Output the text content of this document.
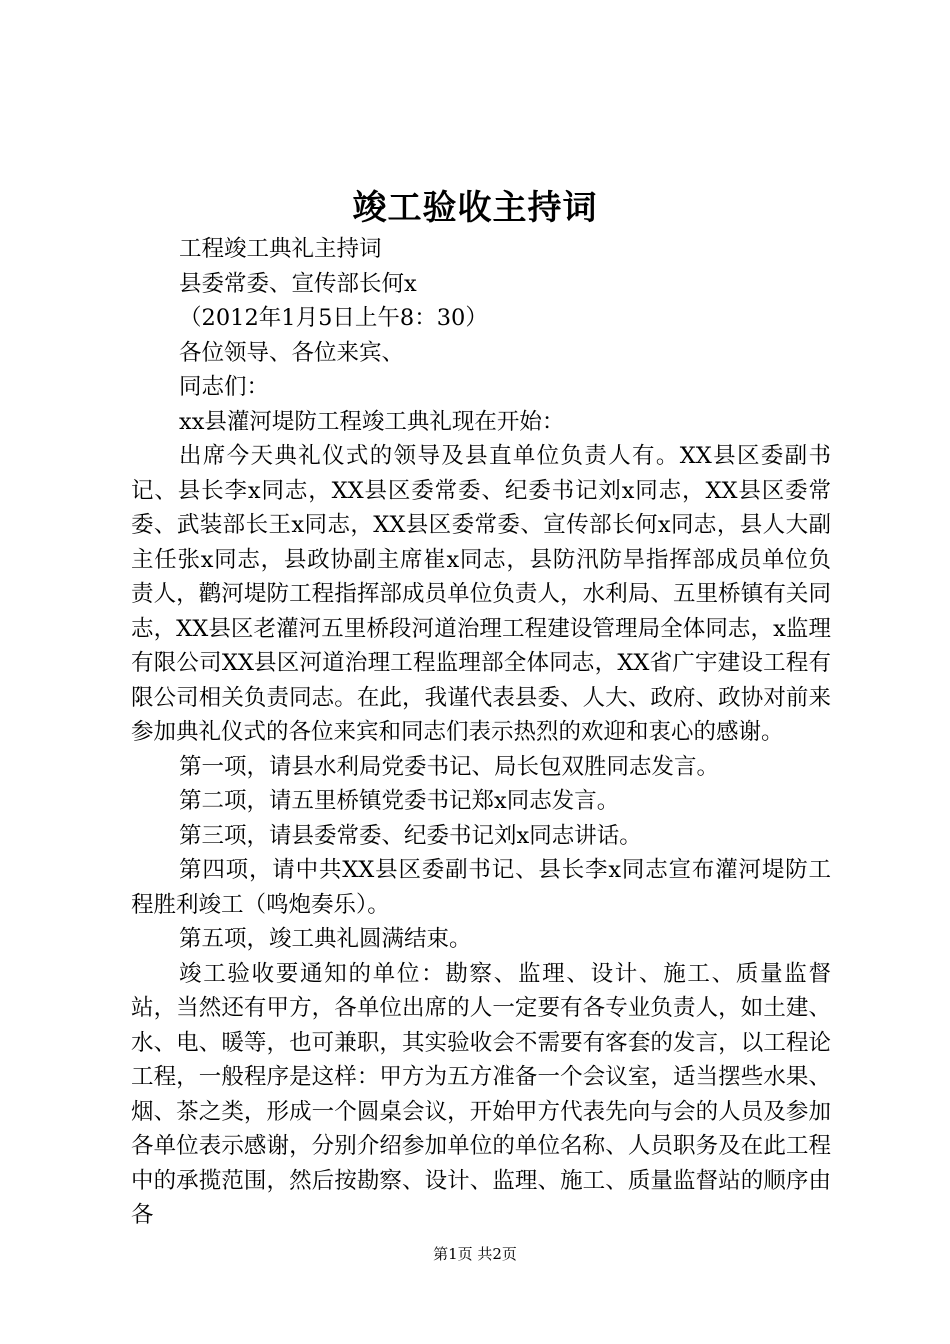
竣工验收主持词

工程竣工典礼主持词

县委常委、宣传部长何x

（2012年1月5日上午8：30）

各位领导、各位来宾、

同志们：

xx县灌河堤防工程竣工典礼现在开始：

出席今天典礼仪式的领导及县直单位负责人有。XX县区委副书记、县长李x同志，XX县区委常委、纪委书记刘x同志，XX县区委常委、武装部长王x同志，XX县区委常委、宣传部长何x同志，县人大副主任张x同志，县政协副主席崔x同志，县防汛防旱指挥部成员单位负责人，鹳河堤防工程指挥部成员单位负责人，水利局、五里桥镇有关同志，XX县区老灌河五里桥段河道治理工程建设管理局全体同志，x监理有限公司XX县区河道治理工程监理部全体同志，XX省广宇建设工程有限公司相关负责同志。在此，我谨代表县委、人大、政府、政协对前来参加典礼仪式的各位来宾和同志们表示热烈的欢迎和衷心的感谢。

第一项，请县水利局党委书记、局长包双胜同志发言。

第二项，请五里桥镇党委书记郑x同志发言。

第三项，请县委常委、纪委书记刘x同志讲话。

第四项，请中共XX县区委副书记、县长李x同志宣布灌河堤防工程胜利竣工（鸣炮奏乐）。

第五项，竣工典礼圆满结束。

竣工验收要通知的单位：勘察、监理、设计、施工、质量监督站，当然还有甲方，各单位出席的人一定要有各专业负责人，如土建、水、电、暖等，也可兼职，其实验收会不需要有客套的发言，以工程论工程，一般程序是这样：甲方为五方准备一个会议室，适当摆些水果、烟、茶之类，形成一个圆桌会议，开始甲方代表先向与会的人员及参加各单位表示感谢，分别介绍参加单位的单位名称、人员职务及在此工程中的承揽范围，然后按勘察、设计、监理、施工、质量监督站的顺序由各

第1页 共2页
